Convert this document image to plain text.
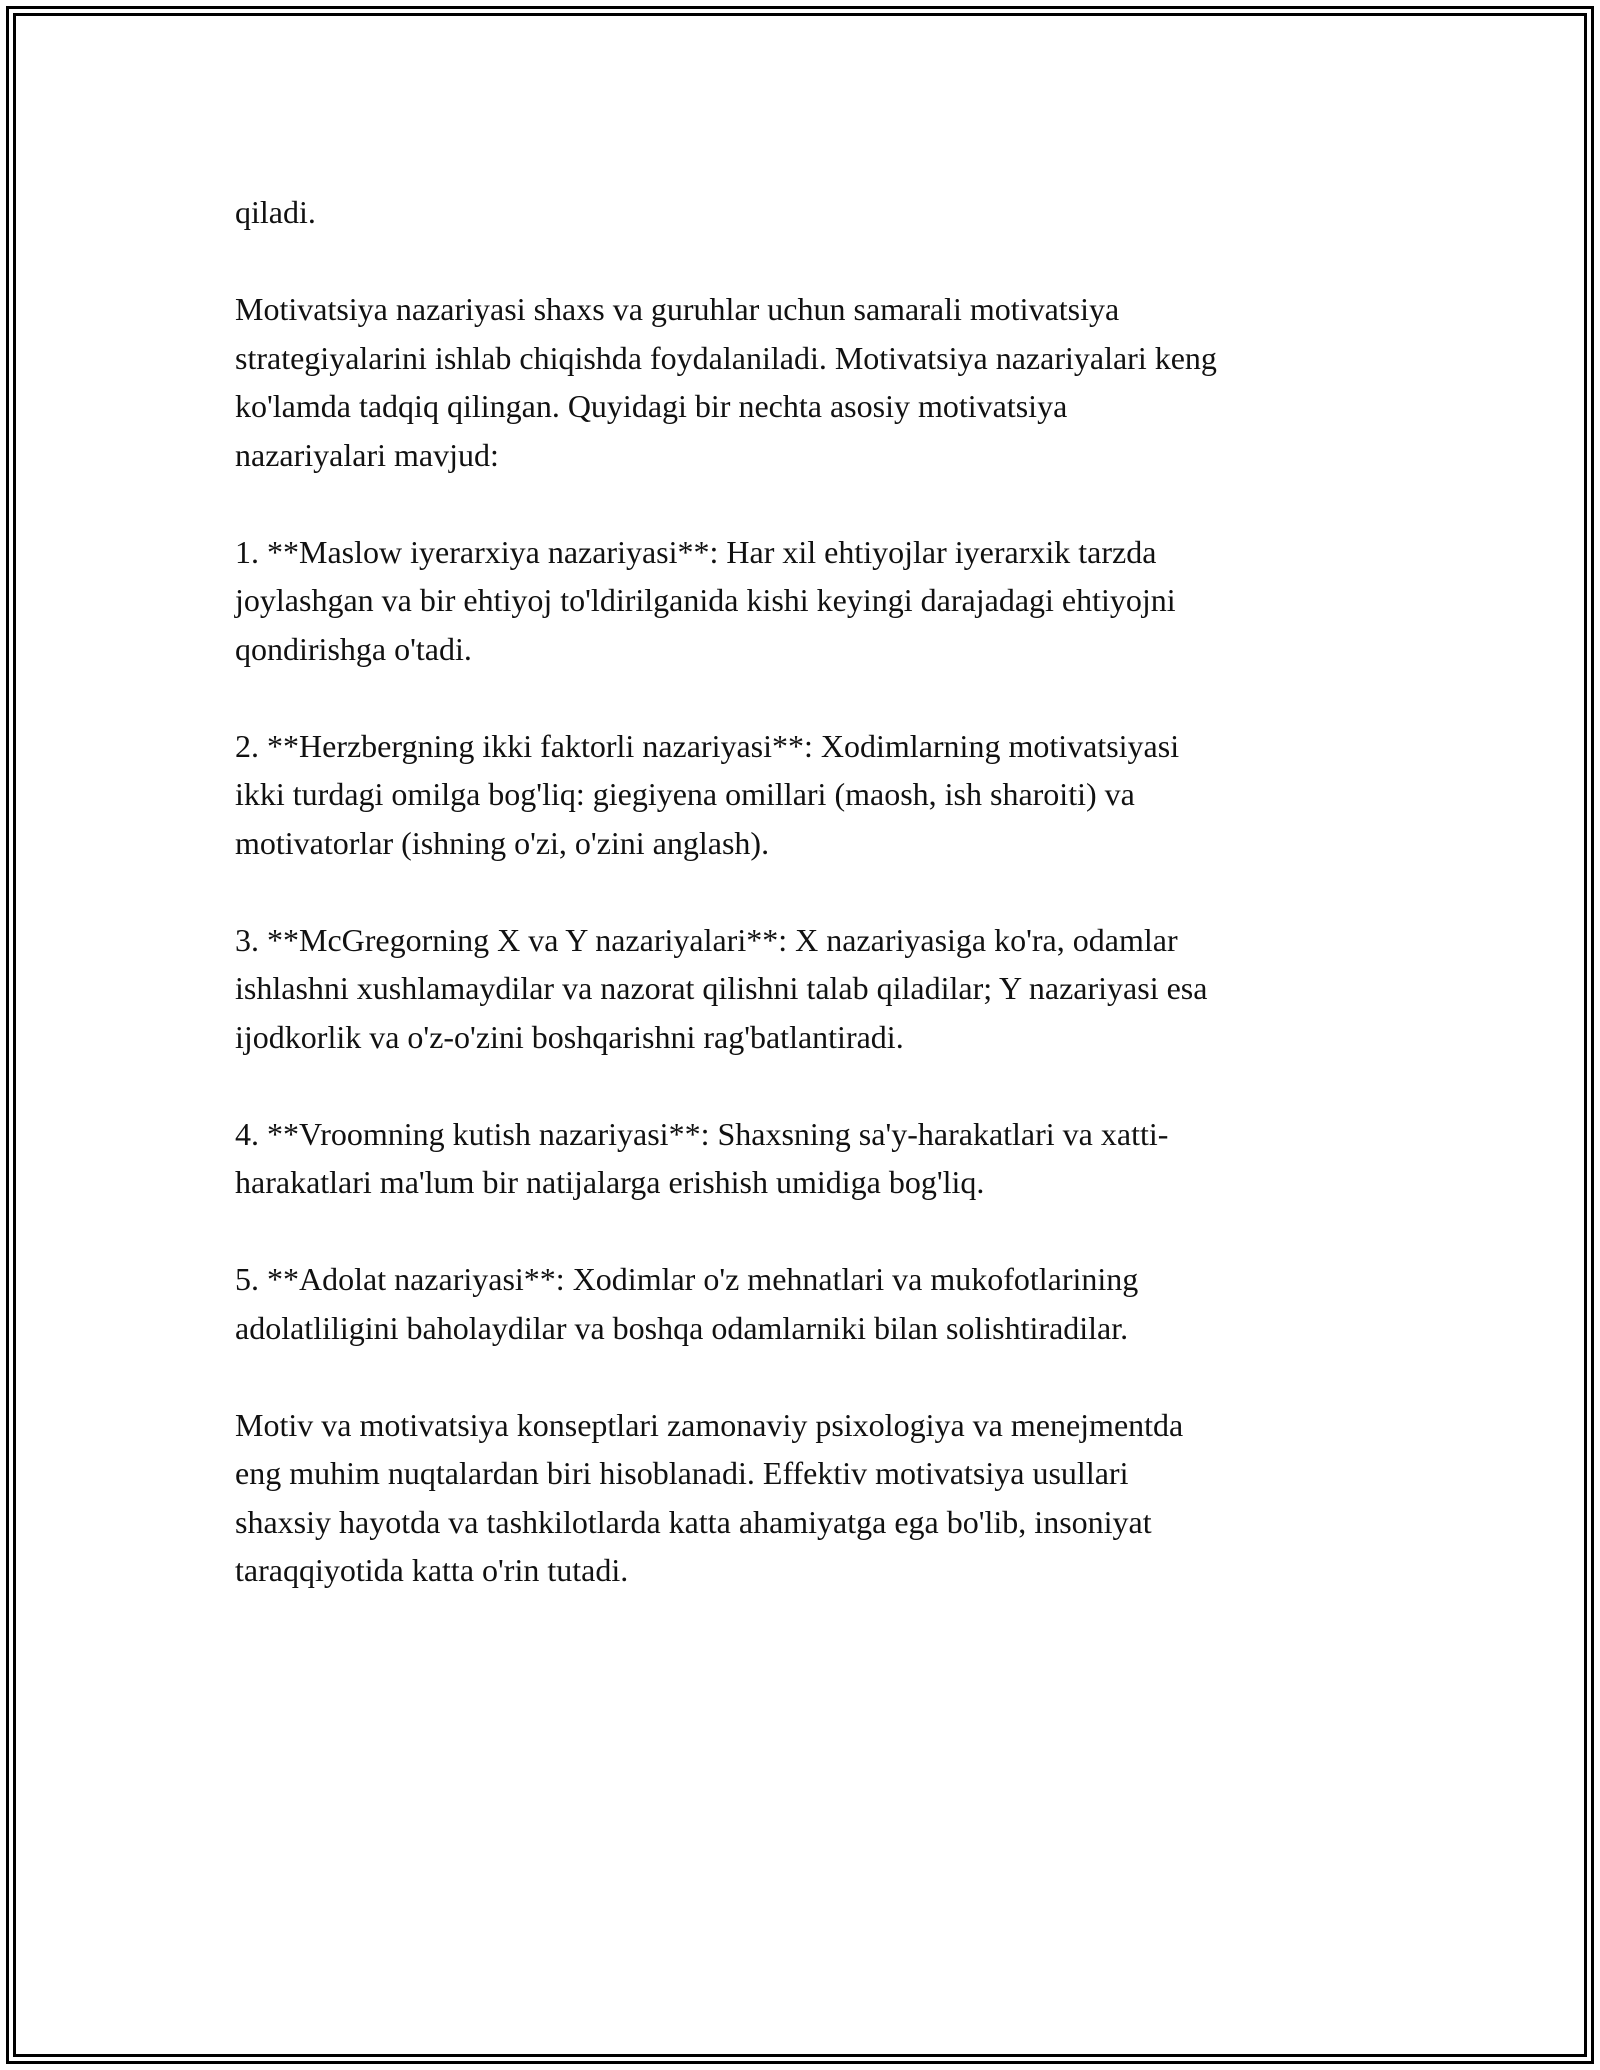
qiladi.

Motivatsiya nazariyasi shaxs va guruhlar uchun samarali motivatsiya
strategiyalarini ishlab chiqishda foydalaniladi. Motivatsiya nazariyalari keng
ko'lamda tadqiq qilingan. Quyidagi bir nechta asosiy motivatsiya
nazariyalari mavjud:

1. **Maslow iyerarxiya nazariyasi**: Har xil ehtiyojlar iyerarxik tarzda
joylashgan va bir ehtiyoj to'ldirilganida kishi keyingi darajadagi ehtiyojni
qondirishga o'tadi.

2. **Herzbergning ikki faktorli nazariyasi**: Xodimlarning motivatsiyasi
ikki turdagi omilga bog'liq: giegiyena omillari (maosh, ish sharoiti) va
motivatorlar (ishning o'zi, o'zini anglash).

3. **McGregorning X va Y nazariyalari**: X nazariyasiga ko'ra, odamlar
ishlashni xushlamaydilar va nazorat qilishni talab qiladilar; Y nazariyasi esa
ijodkorlik va o'z-o'zini boshqarishni rag'batlantiradi.

4. **Vroomning kutish nazariyasi**: Shaxsning sa'y-harakatlari va xatti-
harakatlari ma'lum bir natijalarga erishish umidiga bog'liq.

5. **Adolat nazariyasi**: Xodimlar o'z mehnatlari va mukofotlarining
adolatliligini baholaydilar va boshqa odamlarniki bilan solishtiradilar.

Motiv va motivatsiya konseptlari zamonaviy psixologiya va menejmentda
eng muhim nuqtalardan biri hisoblanadi. Effektiv motivatsiya usullari
shaxsiy hayotda va tashkilotlarda katta ahamiyatga ega bo'lib, insoniyat
taraqqiyotida katta o'rin tutadi.
